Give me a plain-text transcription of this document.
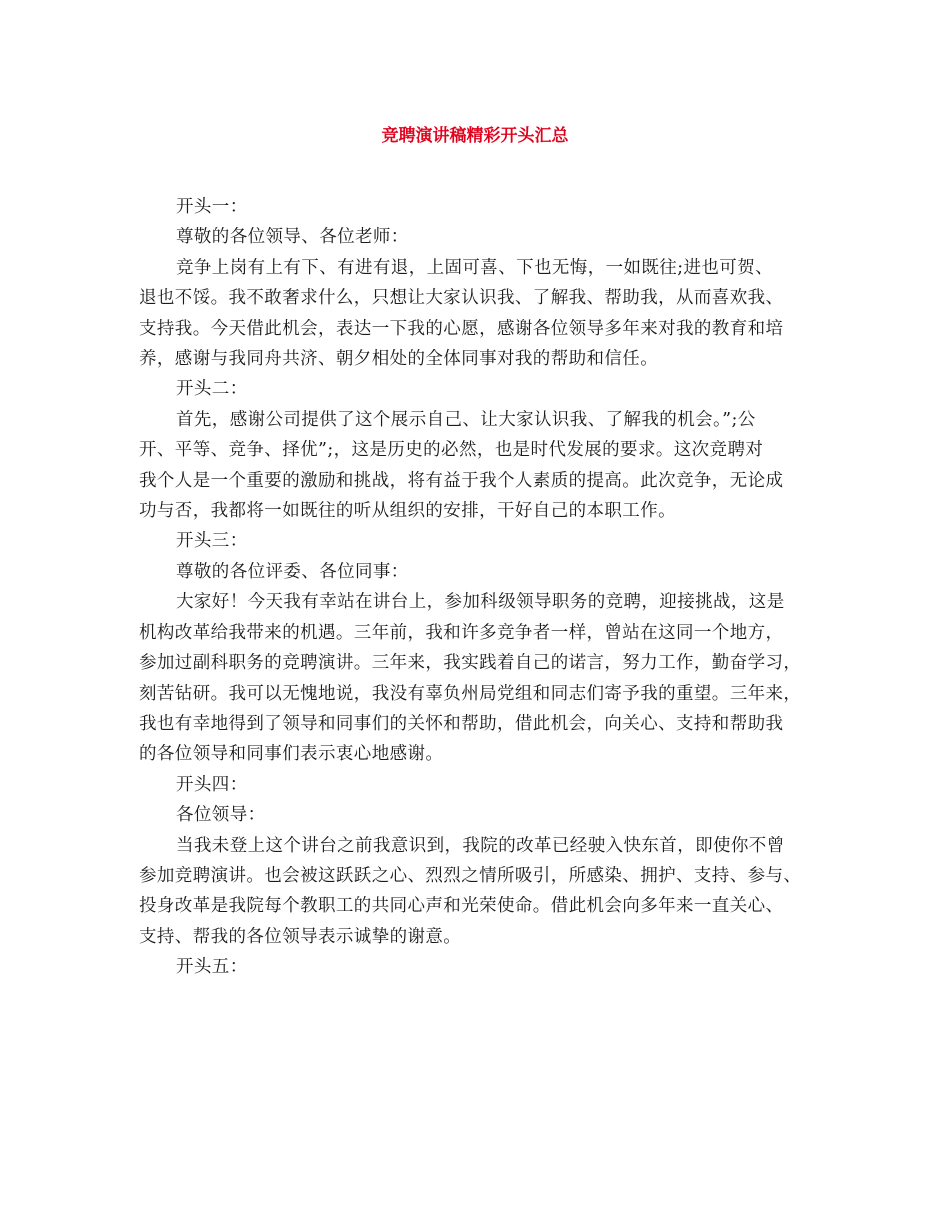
竞聘演讲稿精彩开头汇总

开头一：

尊敬的各位领导、各位老师：

竞争上岗有上有下、有进有退，上固可喜、下也无悔，一如既往;进也可贺、
退也不馁。我不敢奢求什么，只想让大家认识我、了解我、帮助我，从而喜欢我、
支持我。今天借此机会，表达一下我的心愿，感谢各位领导多年来对我的教育和培
养，感谢与我同舟共济、朝夕相处的全体同事对我的帮助和信任。

开头二：

首先，感谢公司提供了这个展示自己、让大家认识我、了解我的机会。”;公
开、平等、竞争、择优”;，这是历史的必然，也是时代发展的要求。这次竞聘对
我个人是一个重要的激励和挑战，将有益于我个人素质的提高。此次竞争，无论成
功与否，我都将一如既往的听从组织的安排，干好自己的本职工作。

开头三：

尊敬的各位评委、各位同事：

大家好！今天我有幸站在讲台上，参加科级领导职务的竞聘，迎接挑战，这是
机构改革给我带来的机遇。三年前，我和许多竞争者一样，曾站在这同一个地方，
参加过副科职务的竞聘演讲。三年来，我实践着自己的诺言，努力工作，勤奋学习，
刻苦钻研。我可以无愧地说，我没有辜负州局党组和同志们寄予我的重望。三年来，
我也有幸地得到了领导和同事们的关怀和帮助，借此机会，向关心、支持和帮助我
的各位领导和同事们表示衷心地感谢。

开头四：

各位领导：

当我未登上这个讲台之前我意识到，我院的改革已经驶入快东首，即使你不曾
参加竞聘演讲。也会被这跃跃之心、烈烈之情所吸引，所感染、拥护、支持、参与、
投身改革是我院每个教职工的共同心声和光荣使命。借此机会向多年来一直关心、
支持、帮我的各位领导表示诚挚的谢意。

开头五：
